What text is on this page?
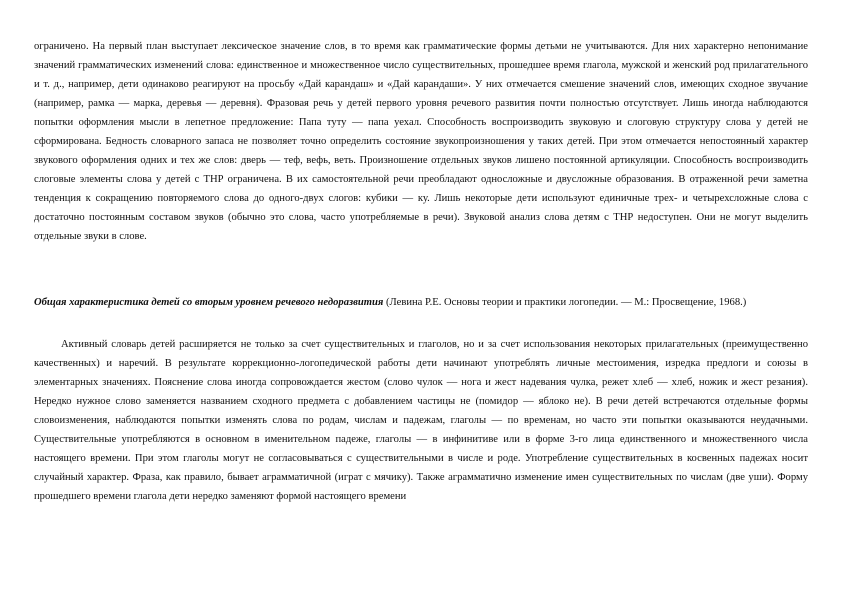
ограничено. На первый план выступает лексическое значение слов, в то время как грамматические формы детьми не учитываются. Для них характерно непонимание значений грамматических изменений слова: единственное и множественное число существительных, прошедшее время глагола, мужской и женский род прилагательного и т. д., например, дети одинаково реагируют на просьбу «Дай карандаш» и «Дай карандаши». У них отмечается смешение значений слов, имеющих сходное звучание (например, рамка — марка, деревья — деревня). Фразовая речь у детей первого уровня речевого развития почти полностью отсутствует. Лишь иногда наблюдаются попытки оформления мысли в лепетное предложение: Папа туту — папа уехал. Способность воспроизводить звуковую и слоговую структуру слова у детей не сформирована. Бедность словарного запаса не позволяет точно определить состояние звукопроизношения у таких детей. При этом отмечается непостоянный характер звукового оформления одних и тех же слов: дверь — теф, вефь, веть. Произношение отдельных звуков лишено постоянной артикуляции. Способность воспроизводить слоговые элементы слова у детей с ТНР ограничена. В их самостоятельной речи преобладают односложные и двусложные образования. В отраженной речи заметна тенденция к сокращению повторяемого слова до одного-двух слогов: кубики — ку. Лишь некоторые дети используют единичные трех- и четырехсложные слова с достаточно постоянным составом звуков (обычно это слова, часто употребляемые в речи). Звуковой анализ слова детям с ТНР недоступен. Они не могут выделить отдельные звуки в слове.

Общая характеристика детей со вторым уровнем речевого недоразвития (Левина Р.Е. Основы теории и практики логопедии. — М.: Просвещение, 1968.)

Активный словарь детей расширяется не только за счет существительных и глаголов, но и за счет использования некоторых прилагательных (преимущественно качественных) и наречий. В результате коррекционно-логопедической работы дети начинают употреблять личные местоимения, изредка предлоги и союзы в элементарных значениях. Пояснение слова иногда сопровождается жестом (слово чулок — нога и жест надевания чулка, режет хлеб — хлеб, ножик и жест резания). Нередко нужное слово заменяется названием сходного предмета с добавлением частицы не (помидор — яблоко не). В речи детей встречаются отдельные формы словоизменения, наблюдаются попытки изменять слова по родам, числам и падежам, глаголы — по временам, но часто эти попытки оказываются неудачными. Существительные употребляются в основном в именительном падеже, глаголы — в инфинитиве или в форме 3-го лица единственного и множественного числа настоящего времени. При этом глаголы могут не согласовываться с существительными в числе и роде. Употребление существительных в косвенных падежах носит случайный характер. Фраза, как правило, бывает аграмматичной (играт с мячику). Также аграмматично изменение имен существительных по числам (две уши). Форму прошедшего времени глагола дети нередко заменяют формой настоящего времени
